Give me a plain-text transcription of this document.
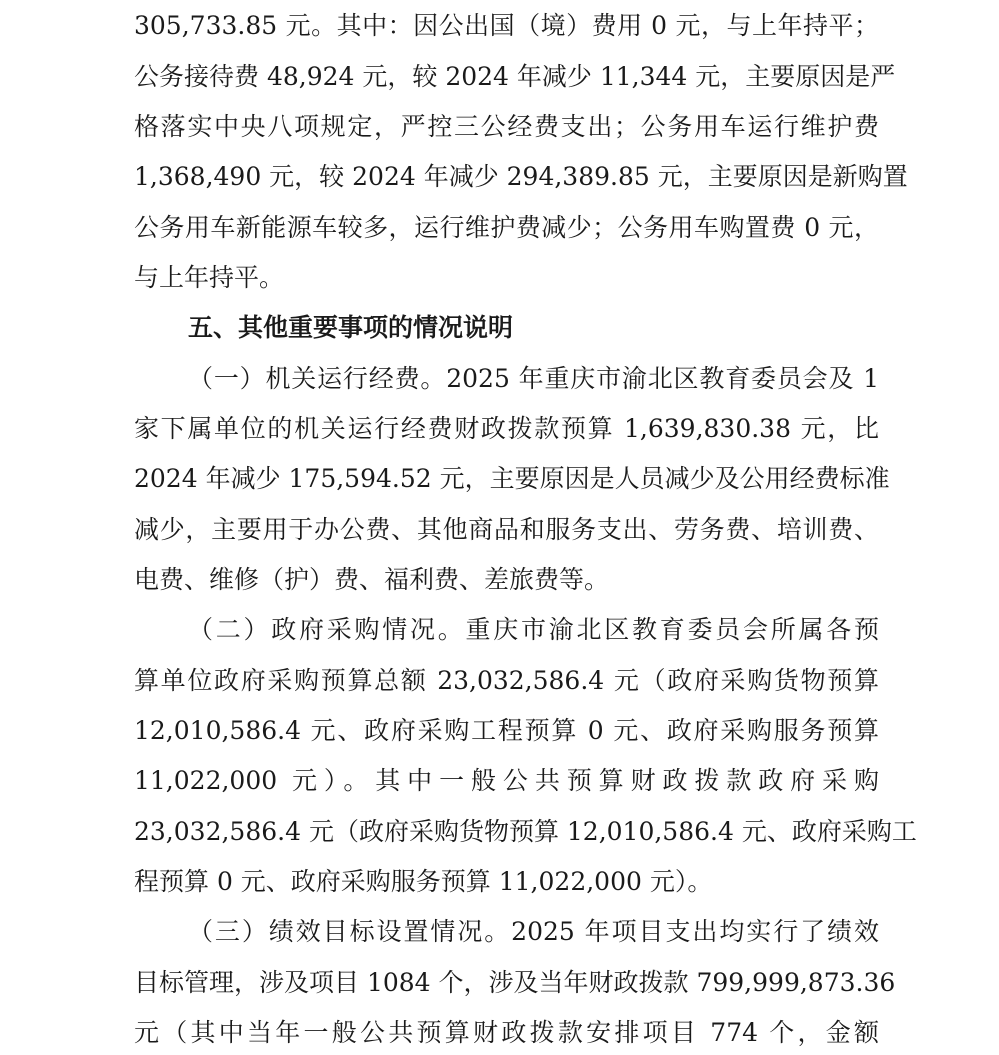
305,733.85 元。其中：因公出国（境）费用 0 元，与上年持平；
公务接待费 48,924 元，较 2024 年减少 11,344 元，主要原因是严
格落实中央八项规定，严控三公经费支出；公务用车运行维护费
1,368,490 元，较 2024 年减少 294,389.85 元，主要原因是新购置
公务用车新能源车较多，运行维护费减少；公务用车购置费 0 元，
与上年持平。
五、其他重要事项的情况说明
（一）机关运行经费。2025 年重庆市渝北区教育委员会及 1
家下属单位的机关运行经费财政拨款预算 1,639,830.38 元，比
2024 年减少 175,594.52 元，主要原因是人员减少及公用经费标准
减少，主要用于办公费、其他商品和服务支出、劳务费、培训费、
电费、维修（护）费、福利费、差旅费等。
（二）政府采购情况。重庆市渝北区教育委员会所属各预
算单位政府采购预算总额 23,032,586.4 元（政府采购货物预算
12,010,586.4 元、政府采购工程预算 0 元、政府采购服务预算
11,022,000 元）。其中一般公共预算财政拨款政府采购
23,032,586.4 元（政府采购货物预算 12,010,586.4 元、政府采购工
程预算 0 元、政府采购服务预算 11,022,000 元）。
（三）绩效目标设置情况。2025 年项目支出均实行了绩效
目标管理，涉及项目 1084 个，涉及当年财政拨款 799,999,873.36
元（其中当年一般公共预算财政拨款安排项目 774 个，金额
